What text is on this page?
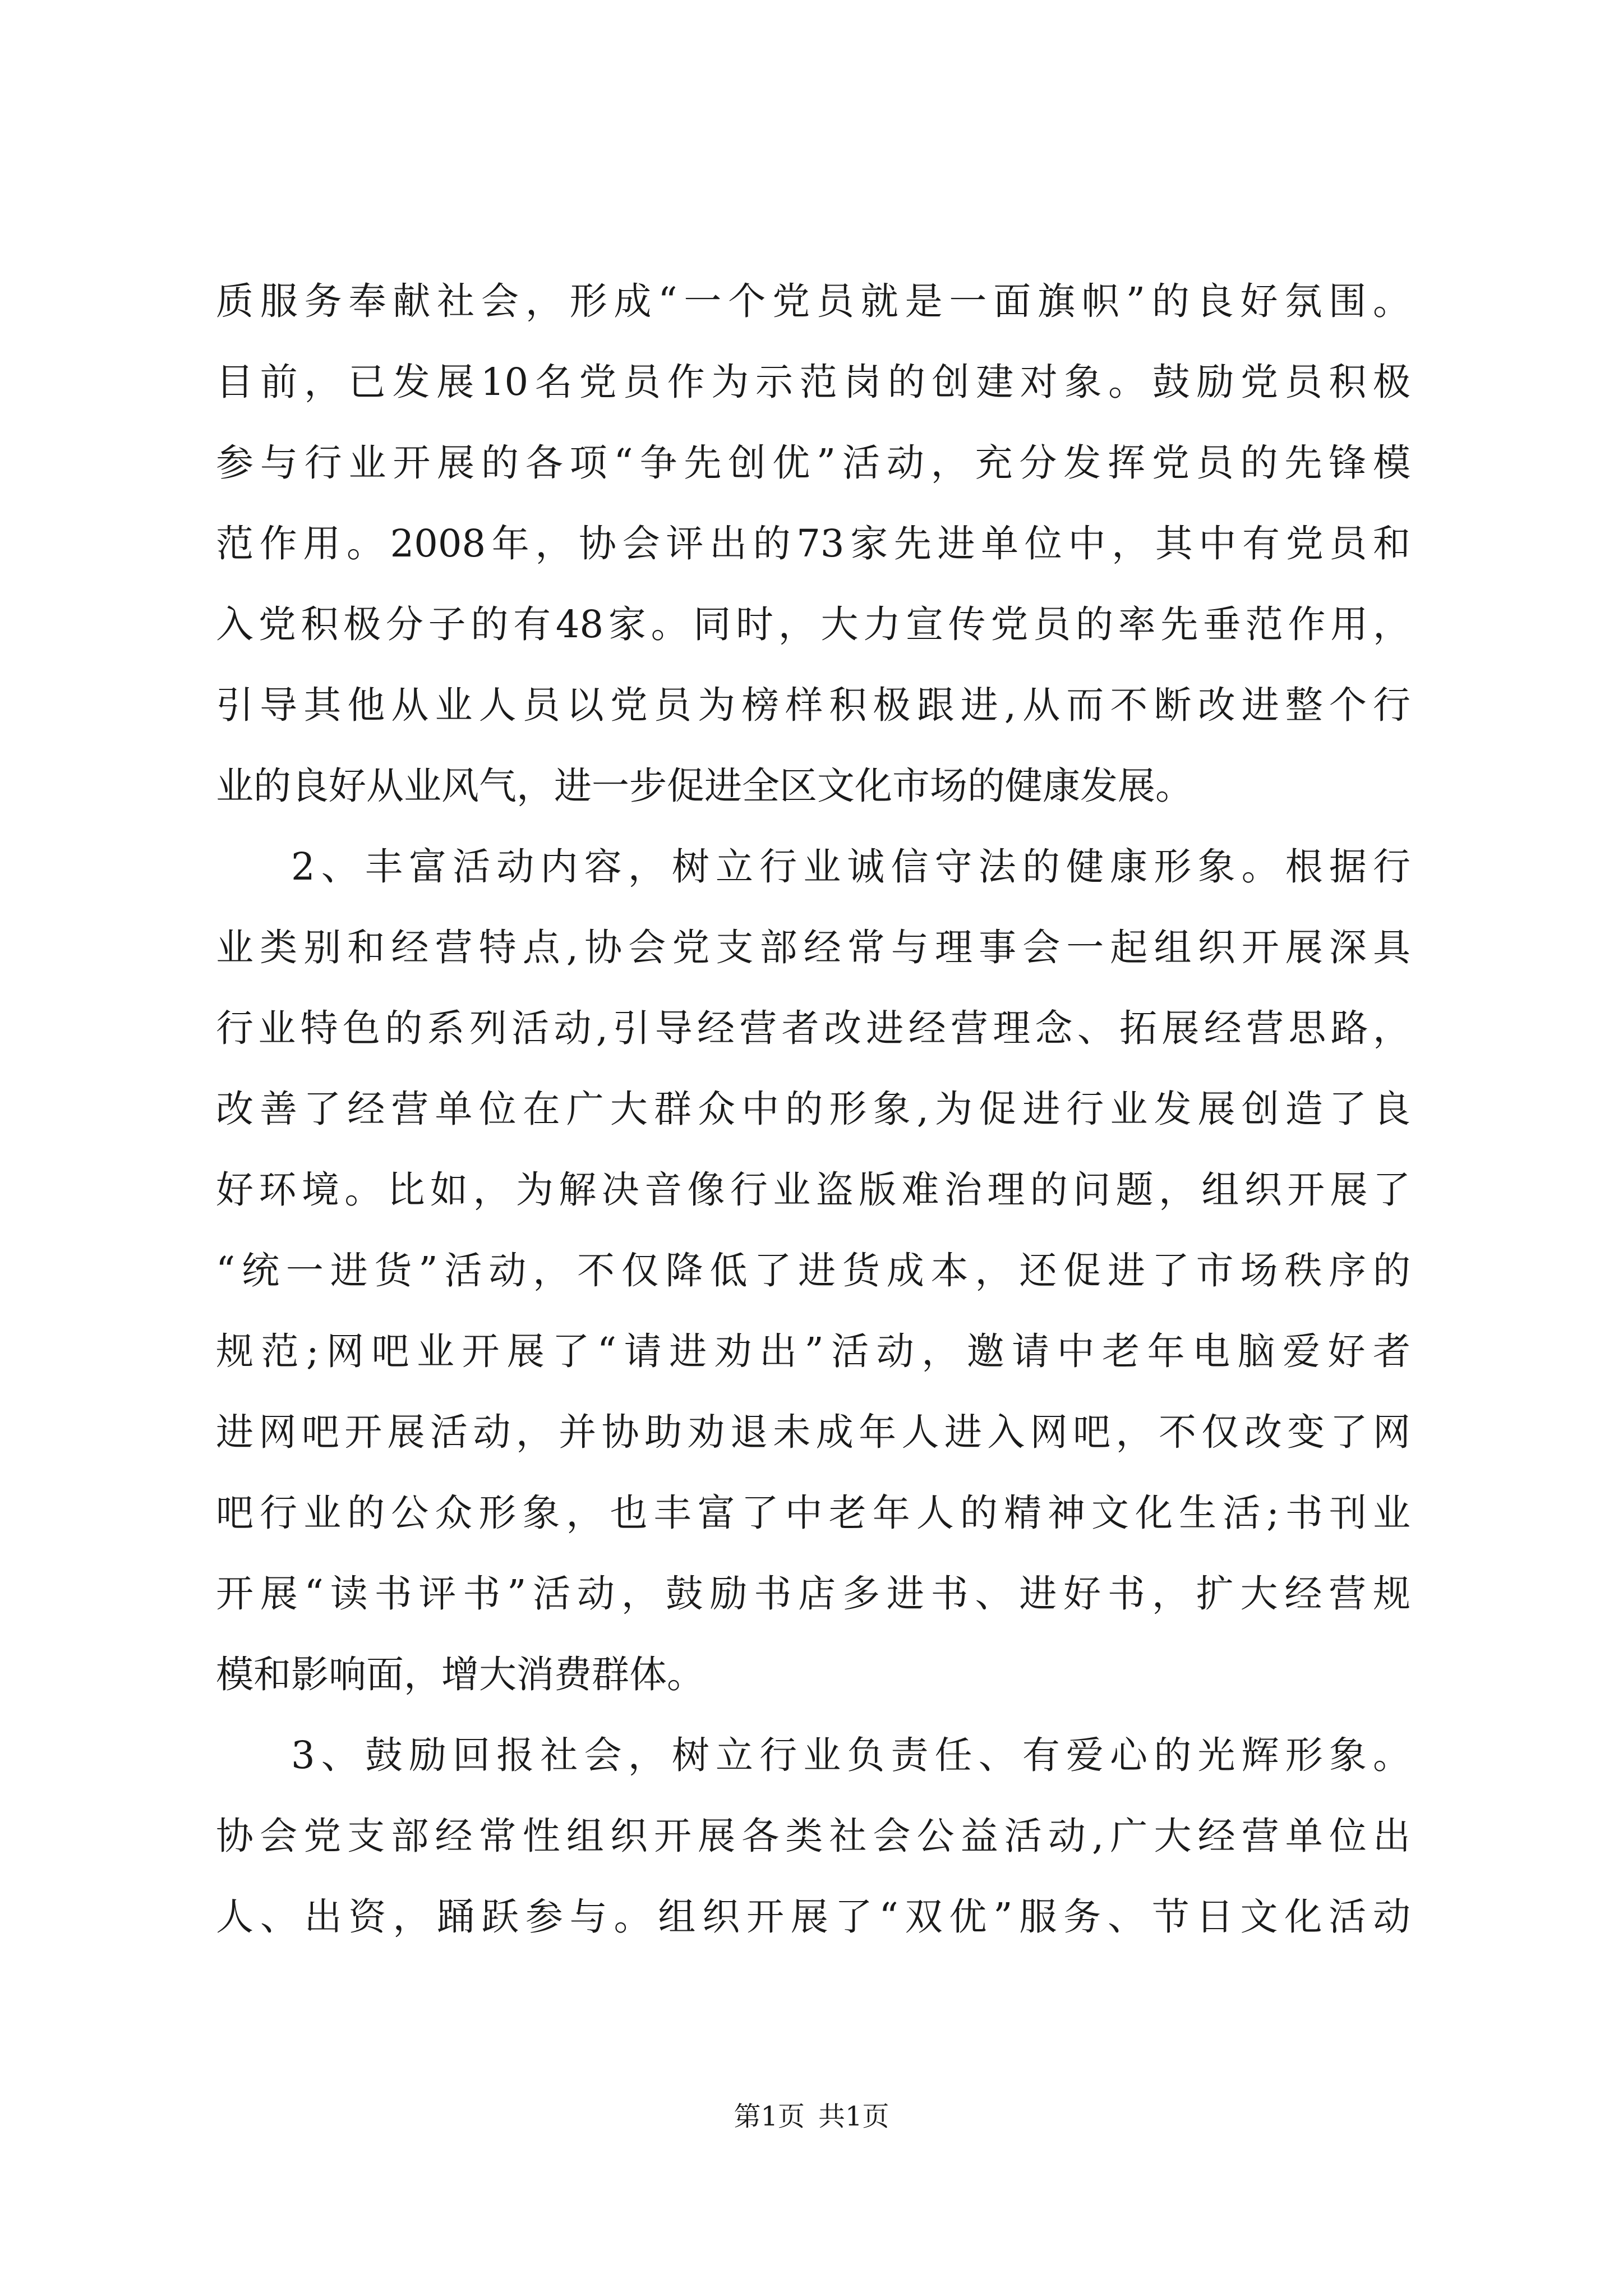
质服务奉献社会，形成“一个党员就是一面旗帜”的良好氛围。
目前，已发展10名党员作为示范岗的创建对象。鼓励党员积极
参与行业开展的各项“争先创优”活动，充分发挥党员的先锋模
范作用。2008年，协会评出的73家先进单位中，其中有党员和
入党积极分子的有48家。同时，大力宣传党员的率先垂范作用，
引导其他从业人员以党员为榜样积极跟进,从而不断改进整个行
业的良好从业风气，进一步促进全区文化市场的健康发展。
2、丰富活动内容，树立行业诚信守法的健康形象。根据行
业类别和经营特点,协会党支部经常与理事会一起组织开展深具
行业特色的系列活动,引导经营者改进经营理念、拓展经营思路，
改善了经营单位在广大群众中的形象,为促进行业发展创造了良
好环境。比如，为解决音像行业盗版难治理的问题，组织开展了
“统一进货”活动，不仅降低了进货成本，还促进了市场秩序的
规范;网吧业开展了“请进劝出”活动，邀请中老年电脑爱好者
进网吧开展活动，并协助劝退未成年人进入网吧，不仅改变了网
吧行业的公众形象，也丰富了中老年人的精神文化生活;书刊业
开展“读书评书”活动，鼓励书店多进书、进好书，扩大经营规
模和影响面，增大消费群体。
3、鼓励回报社会，树立行业负责任、有爱心的光辉形象。
协会党支部经常性组织开展各类社会公益活动,广大经营单位出
人、出资，踊跃参与。组织开展了“双优”服务、节日文化活动
第1页 共1页
